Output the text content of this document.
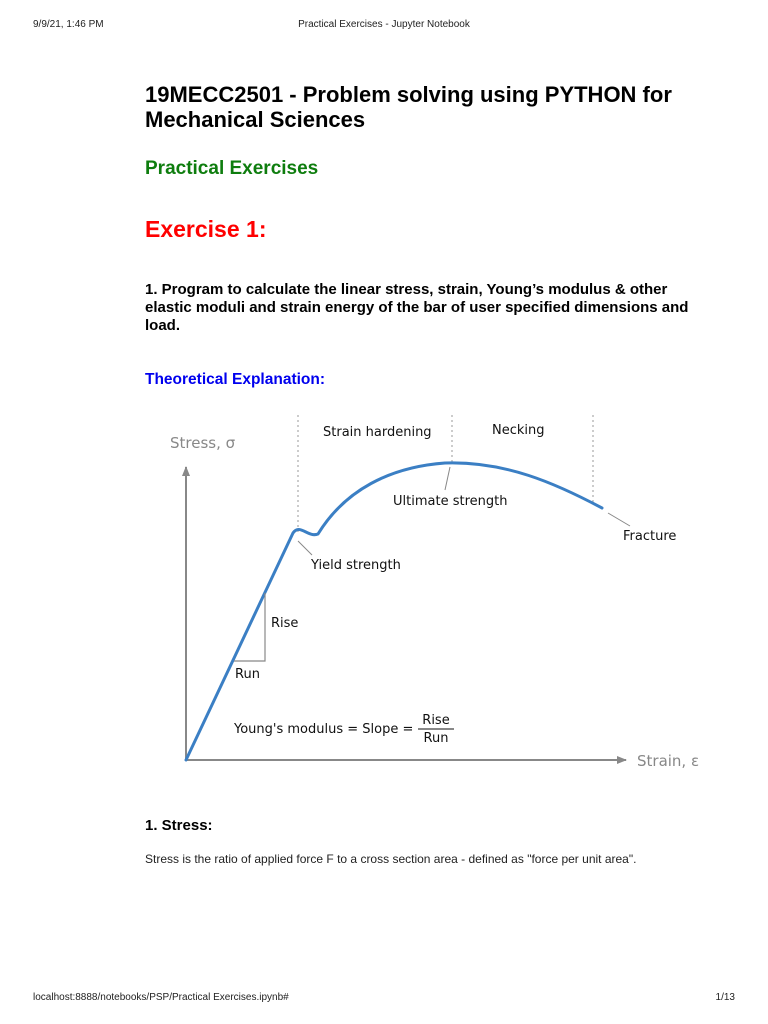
9/9/21, 1:46 PM	Practical Exercises - Jupyter Notebook
19MECC2501 - Problem solving using PYTHON for Mechanical Sciences
Practical Exercises
Exercise 1:
1. Program to calculate the linear stress, strain, Young’s modulus & other elastic moduli and strain energy of the bar of user specified dimensions and load.
Theoretical Explanation:
Stress, σ
Strain, ε
Strain hardening	Necking
Ultimate strength
Fracture
Yield strength
Rise
Run
Young's modulus = Slope =
Rise
Run
1. Stress:
Stress is the ratio of applied force F to a cross section area - defined as "force per unit area".
localhost:8888/notebooks/PSP/Practical Exercises.ipynb#	1/13
